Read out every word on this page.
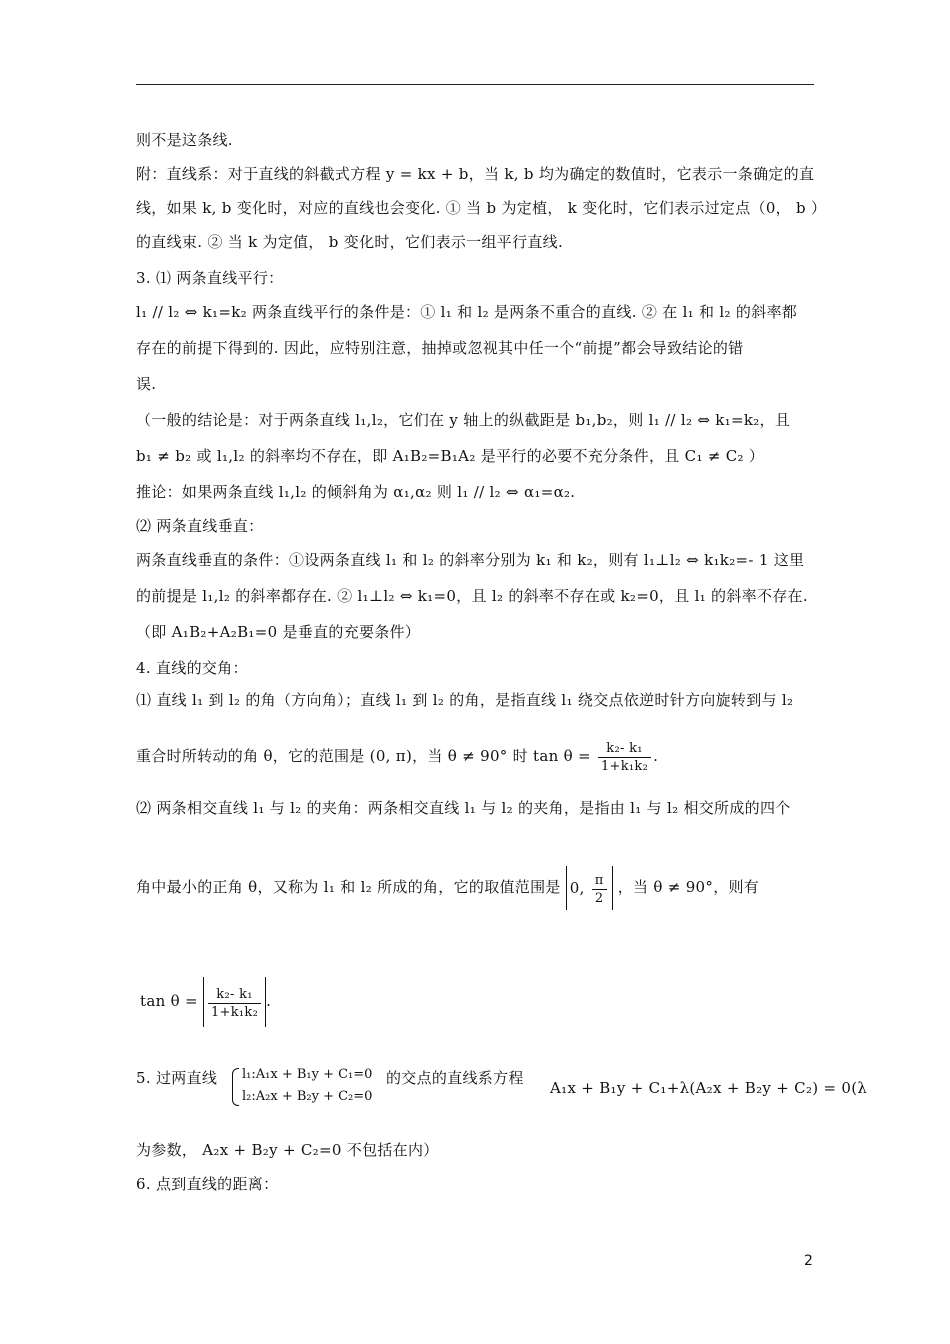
则不是这条线.
附：直线系：对于直线的斜截式方程 y = kx + b，当 k, b 均为确定的数值时，它表示一条确定的直
线，如果 k, b 变化时，对应的直线也会变化. ① 当 b 为定植， k 变化时，它们表示过定点（0， b ）
的直线束. ② 当 k 为定值， b 变化时，它们表示一组平行直线.
3. ⑴ 两条直线平行：
l₁ // l₂ ⇔ k₁=k₂ 两条直线平行的条件是：① l₁ 和 l₂ 是两条不重合的直线. ② 在 l₁ 和 l₂ 的斜率都
存在的前提下得到的. 因此，应特别注意，抽掉或忽视其中任一个“前提”都会导致结论的错
误.
（一般的结论是：对于两条直线 l₁,l₂，它们在 y 轴上的纵截距是 b₁,b₂，则 l₁ // l₂ ⇔ k₁=k₂，且
b₁ ≠ b₂ 或 l₁,l₂ 的斜率均不存在，即 A₁B₂=B₁A₂ 是平行的必要不充分条件，且 C₁ ≠ C₂ ）
推论：如果两条直线 l₁,l₂ 的倾斜角为 α₁,α₂ 则 l₁ // l₂ ⇔ α₁=α₂.
⑵ 两条直线垂直：
两条直线垂直的条件：①设两条直线 l₁ 和 l₂ 的斜率分别为 k₁ 和 k₂，则有 l₁⊥l₂ ⇔ k₁k₂=- 1 这里
的前提是 l₁,l₂ 的斜率都存在. ② l₁⊥l₂ ⇔ k₁=0，且 l₂ 的斜率不存在或 k₂=0，且 l₁ 的斜率不存在.
（即 A₁B₂+A₂B₁=0 是垂直的充要条件）
4. 直线的交角：
⑴ 直线 l₁ 到 l₂ 的角（方向角）；直线 l₁ 到 l₂ 的角，是指直线 l₁ 绕交点依逆时针方向旋转到与 l₂
重合时所转动的角 θ，它的范围是 (0, π)，当 θ ≠ 90° 时 $\tan \theta = \frac{\text{k₂- k₁}}{\text{1+k₁k₂}}$ .
⑵ 两条相交直线 l₁ 与 l₂ 的夹角：两条相交直线 l₁ 与 l₂ 的夹角，是指由 l₁ 与 l₂ 相交所成的四个
角中最小的正角 θ，又称为 l₁ 和 l₂ 所成的角，它的取值范围是 0, $\frac{\pi}{2}$ ，当 θ ≠ 90°，则有
$\tan \theta = \frac{\text{k₂- k₁}}{\text{1+k₁k₂}}$ .
5. 过两直线 l₁:A₁x + B₁y + C₁=0
l₂:A₂x + B₂y + C₂=0
的交点的直线系方程
A₁x + B₁y + C₁+λ(A₂x + B₂y + C₂) = 0(λ
为参数， A₂x + B₂y + C₂=0 不包括在内）
6. 点到直线的距离：
2
